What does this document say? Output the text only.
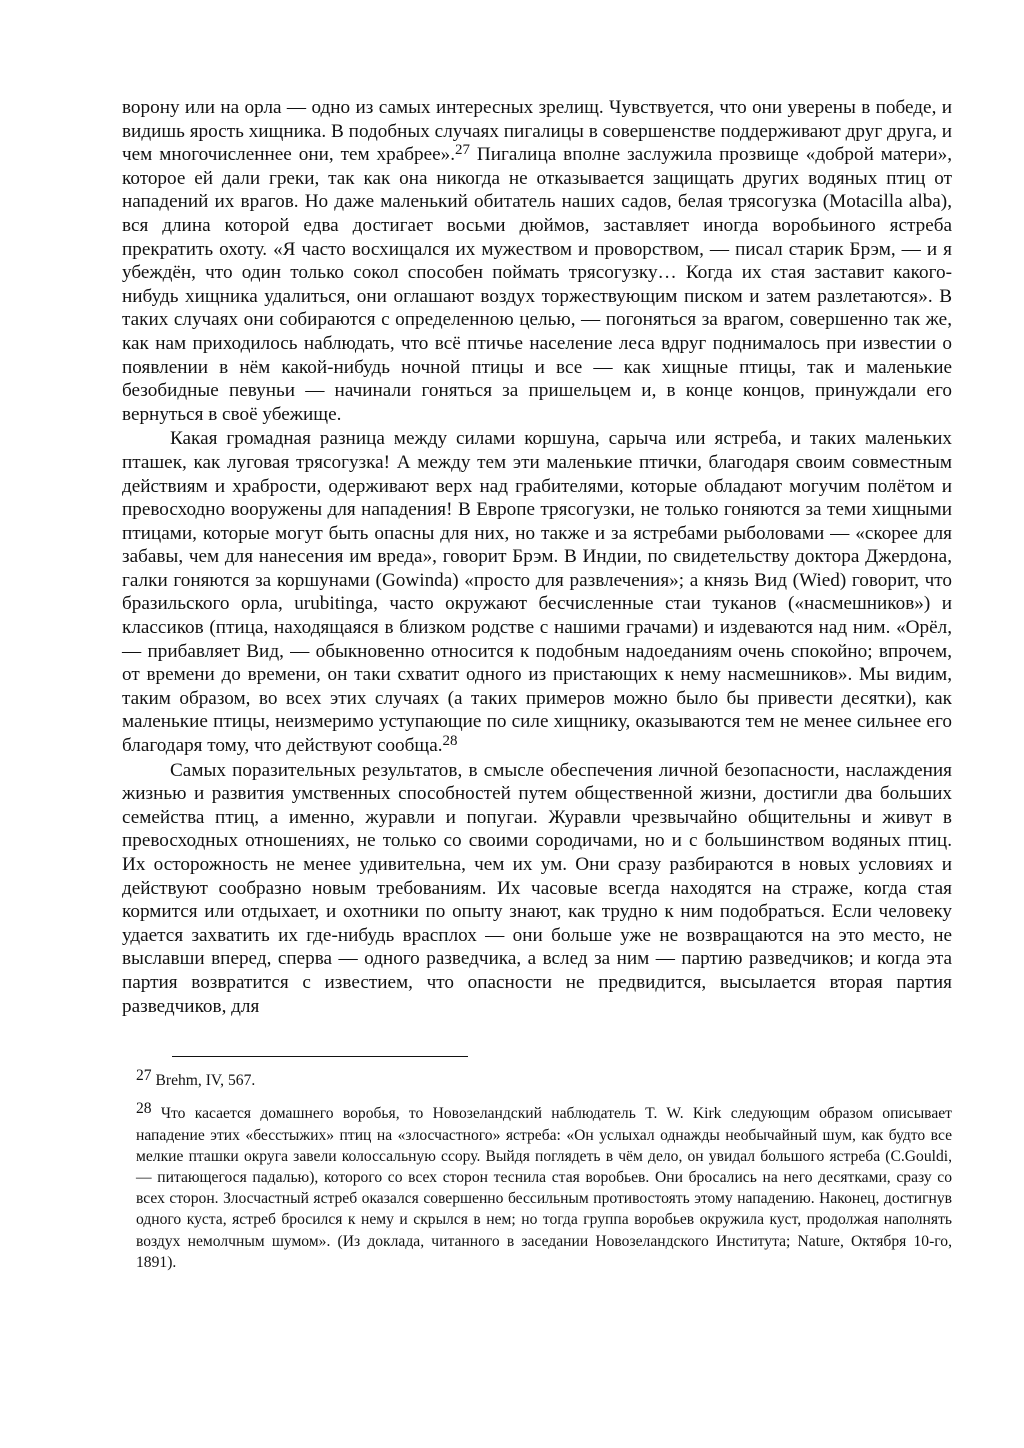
ворону или на орла — одно из самых интересных зрелищ. Чувствуется, что они уверены в победе, и видишь ярость хищника. В подобных случаях пигалицы в совершенстве поддерживают друг друга, и чем многочисленнее они, тем храбрее».$^{27}$ Пигалица вполне заслужила прозвище «доброй матери», которое ей дали греки, так как она никогда не отказывается защищать других водяных птиц от нападений их врагов. Но даже маленький обитатель наших садов, белая трясогузка (Motacilla alba), вся длина которой едва достигает восьми дюймов, заставляет иногда воробьиного ястреба прекратить охоту. «Я часто восхищался их мужеством и проворством, — писал старик Брэм, — и я убеждён, что один только сокол способен поймать трясогузку… Когда их стая заставит какого-нибудь хищника удалиться, они оглашают воздух торжествующим писком и затем разлетаются». В таких случаях они собираются с определенною целью, — погоняться за врагом, совершенно так же, как нам приходилось наблюдать, что всё птичье население леса вдруг поднималось при известии о появлении в нём какой-нибудь ночной птицы и все — как хищные птицы, так и маленькие безобидные певуньи — начинали гоняться за пришельцем и, в конце концов, принуждали его вернуться в своё убежище.

Какая громадная разница между силами коршуна, сарыча или ястреба, и таких маленьких пташек, как луговая трясогузка! А между тем эти маленькие птички, благодаря своим совместным действиям и храбрости, одерживают верх над грабителями, которые обладают могучим полётом и превосходно вооружены для нападения! В Европе трясогузки, не только гоняются за теми хищными птицами, которые могут быть опасны для них, но также и за ястребами рыболовами — «скорее для забавы, чем для нанесения им вреда», говорит Брэм. В Индии, по свидетельству доктора Джердона, галки гоняются за коршунами (Gowinda) «просто для развлечения»; а князь Вид (Wied) говорит, что бразильского орла, urubitinga, часто окружают бесчисленные стаи туканов («насмешников») и классиков (птица, находящаяся в близком родстве с нашими грачами) и издеваются над ним. «Орёл, — прибавляет Вид, — обыкновенно относится к подобным надоеданиям очень спокойно; впрочем, от времени до времени, он таки схватит одного из пристающих к нему насмешников». Мы видим, таким образом, во всех этих случаях (а таких примеров можно было бы привести десятки), как маленькие птицы, неизмеримо уступающие по силе хищнику, оказываются тем не менее сильнее его благодаря тому, что действуют сообща.$^{28}$

Самых поразительных результатов, в смысле обеспечения личной безопасности, наслаждения жизнью и развития умственных способностей путем общественной жизни, достигли два больших семейства птиц, а именно, журавли и попугаи. Журавли чрезвычайно общительны и живут в превосходных отношениях, не только со своими сородичами, но и с большинством водяных птиц. Их осторожность не менее удивительна, чем их ум. Они сразу разбираются в новых условиях и действуют сообразно новым требованиям. Их часовые всегда находятся на страже, когда стая кормится или отдыхает, и охотники по опыту знают, как трудно к ним подобраться. Если человеку удается захватить их где-нибудь врасплох — они больше уже не возвращаются на это место, не выславши вперед, сперва — одного разведчика, а вслед за ним — партию разведчиков; и когда эта партия возвратится с известием, что опасности не предвидится, высылается вторая партия разведчиков, для

27 Brehm, IV, 567.

28 Что касается домашнего воробья, то Новозеландский наблюдатель T. W. Kirk следующим образом описывает нападение этих «бесстыжих» птиц на «злосчастного» ястреба: «Он услыхал однажды необычайный шум, как будто все мелкие пташки округа завели колоссальную ссору. Выйдя поглядеть в чём дело, он увидал большого ястреба (C.Gouldi, — питающегося падалью), которого со всех сторон теснила стая воробьев. Они бросались на него десятками, сразу со всех сторон. Злосчастный ястреб оказался совершенно бессильным противостоять этому нападению. Наконец, достигнув одного куста, ястреб бросился к нему и скрылся в нем; но тогда группа воробьев окружила куст, продолжая наполнять воздух немолчным шумом». (Из доклада, читанного в заседании Новозеландского Института; Nature, Октября 10-го, 1891).
